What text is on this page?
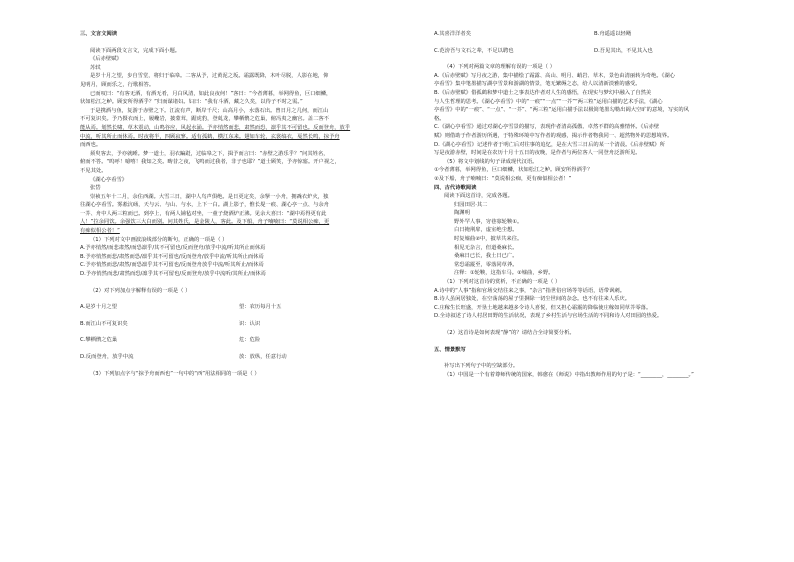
三、文言文阅读

阅读下面两段文言文，完成下面小题。

《后赤壁赋》

苏轼

是岁十月之望，步自雪堂，将归于临皋。二客从予，过黄泥之坂。霜露既降，木叶尽脱，人影在地，仰

见明月，顾而乐之，行歌相答。

已而叹曰：“有客无酒，有酒无肴，月白风清，如此良夜何！”客曰：“今者薄暮，举网得鱼，巨口细鳞，

状如松江之鲈。顾安所得酒乎？”归而谋诸妇。妇曰：“我有斗酒，藏之久矣，以待子不时之需。”

于是携酒与鱼，复游于赤壁之下。江流有声，断岸千尺；山高月小，水落石出。曾日月之几何，而江山

不可复识矣。予乃摄衣而上，履巉岩，披蒙茸，踞虎豹，登虬龙，攀栖鹘之危巢，俯冯夷之幽宫。盖二客不

能从焉。划然长啸，草木震动，山鸣谷应，风起水涌。予亦悄然而悲，肃然而恐，凛乎其不可留也。反而登舟，放乎

中流，听其所止而休焉。时夜将半，四顾寂寥。适有孤鹤，横江东来。翅如车轮，玄裳缟衣，戛然长鸣，掠予舟

而西也。

须臾客去，予亦就睡。梦一道士，羽衣蹁跹，过临皋之下，揖予而言曰：“赤壁之游乐乎？”问其姓名，

俯而不答。“呜呼！噫嘻！我知之矣。畴昔之夜，飞鸣而过我者，非子也耶？”道士顾笑，予亦惊寤。开户视之，

不见其处。

《湖心亭看雪》

张岱

崇祯五年十二月，余住西湖。大雪三日，湖中人鸟声俱绝。是日更定矣，余拏一小舟，拥毳衣炉火，独

往湖心亭看雪。雾凇沆砀，天与云、与山、与水，上下一白。湖上影子，惟长堤一痕、湖心亭一点、与余舟

一芥、舟中人两三粒而已。到亭上，有两人铺毡对坐，一童子烧酒炉正沸。见余大喜曰：“湖中焉得更有此

人！”拉余同饮。余强饮三大白而别。问其姓氏，是金陵人，客此。及下船，舟子喃喃曰：“莫说相公痴，更

有痴似相公者！”

（1）下列对文中画波浪线部分的断句，正确的一项是（ ）

A.予亦悄然/而悲肃然/而恐凛乎/其不可留也/反而登舟/放乎中流/听其所止而休焉

B.予亦悄然而悲/肃然而恐/凛乎其不可留也/反而登舟/放乎中流/听其所止而休焉

C.予亦悄然而悲/肃然/而恐凛乎其不可留也/反而登舟放乎中流/听其所止/而休焉

D.予亦悄然而悲/肃然而恐/凛乎其不可留也/反而登舟/放乎中流听/其所止/而休焉

（2）对下列加点字解释有误的一项是（ ）

A.是岁十月之望	望：农历每月十五
B.而江山不可复识矣	识：认识
C.攀栖鹘之危巢	危：危险
D.反而登舟，放乎中流	放：放纵，任意行动

（3）下列加点字与“掠予舟而西也”一句中的“西”用法相同的一项是（ ）

A.其喜洋洋者矣	B.舟遥遥以轻飏
C.范滂吾与文石之辈，不足以聘也	D.吾见其出，不见其入也

（4）下列对两篇文章的理解有误的一项是（ ）

A.《后赤壁赋》写月夜之游，集中描绘了霜露、高山、明月、峭岩、草木，景色由清丽转为奇绝。《湖心

亭看雪》集中笔墨描写湖亭雪景和游湖的情景，笔无繁缛之态，给人以清新淡雅的感受。

B.《后赤壁赋》借孤鹤和梦中道士之事表达作者对人生的感悟，在现实与梦幻中融入了自然美

与人生哲理的思考。《湖心亭看雪》中的“一痕”“一点”“一芥”“两三粒”运用白描的艺术手法，《湖心

亭看雪》中的“一痕”、“一点”、“一芥”、“两三粒”运用白描手法以极简笔墨勾勒出阔大空旷的意境，写实的风

格。

C.《湖心亭看雪》通过对湖心亭雪景的描写，表现作者清高孤傲、卓然不群的高雅情怀。《后赤壁

赋》则借助于作者游历所遇，于特殊环境中写作者的观感，揭示作者物我同一、超然物外的思想境界。

D.《湖心亭看雪》记述作者于明亡后对往事的追忆，是在大雪三日后的某一个清晨。《后赤壁赋》所

写是夜游赤壁，时间是在农历十月十五日的夜晚，是作者与两位客人一同登舟泛游所见。

（5）将文中划线的句子译成现代汉语。

①今者薄暮，举网得鱼，巨口细鳞，状如松江之鲈。顾安所得酒乎？

②及下船，舟子喃喃曰：“莫说相公痴，更有痴似相公者！”

四、古代诗歌阅读

阅读下面这首诗，完成各题。

归园田居·其二

陶渊明

野外罕人事，穷巷寡轮鞅①。

白日掩荆扉，虚室绝尘想。

时复墟曲②中，披草共来往。

相见无杂言，但道桑麻长。

桑麻日已长，我土日已广。

常恐霜霰至，零落同草莽。

注释：①轮鞅，这指车马。②墟曲，乡野。

（1）下列对这首诗的赏析，不正确的一项是（ ）

A.诗中的“人事”指和官场交结往来之事，“杂言”指世俗官场等等话语，语带讽刺。

B.诗人虽闲居独处，在空荡荡的屋子里摒除一切尘世间的杂念。也不有往来人乐庆。

C.庄稼生长旺盛，开垦土地越来越多令诗人喜悦，但又担心霜霰的降临使庄稼如同草芥零落。

D.全诗叙述了诗人村居田野的生活状况，表现了乡村生活与官场生活的不同和诗人对田园的热爱。

（2）这首诗是如何表现“静”的？请结合全诗简要分析。

五、情景默写

补写出下列句子中的空缺部分。

（1）中国是一个有着尊师传统的国家，韩愈在《师说》中指出教师作用的句子是：“________，________。”
